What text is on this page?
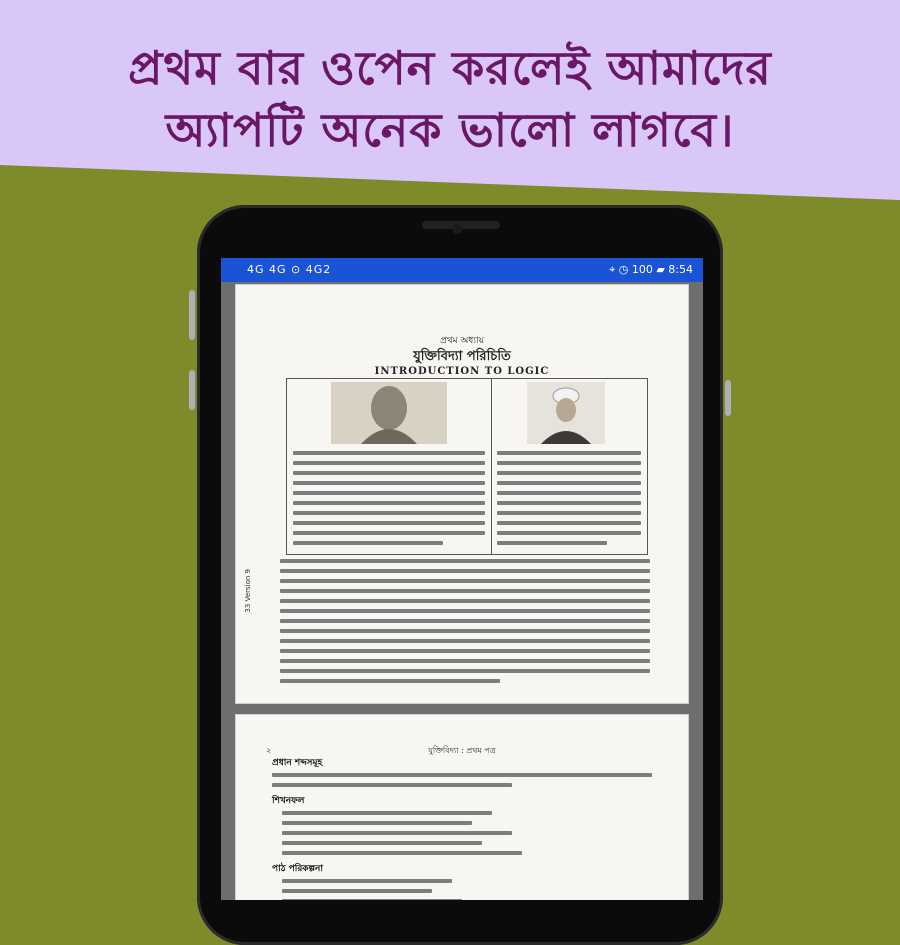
প্রথম বার ওপেন করলেই আমাদের
অ্যাপটি অনেক ভালো লাগবে।
4G 4G ⊙ 4G2	⌖ ◷ 100 ▰ 8:54
প্রথম অধ্যায়
যুক্তিবিদ্যা পরিচিতি
INTRODUCTION TO LOGIC
33 Version 9
২	যুক্তিবিদ্যা : প্রথম পত্র
প্রধান শব্দসমূহ
শিখনফল
পাঠ পরিকল্পনা
